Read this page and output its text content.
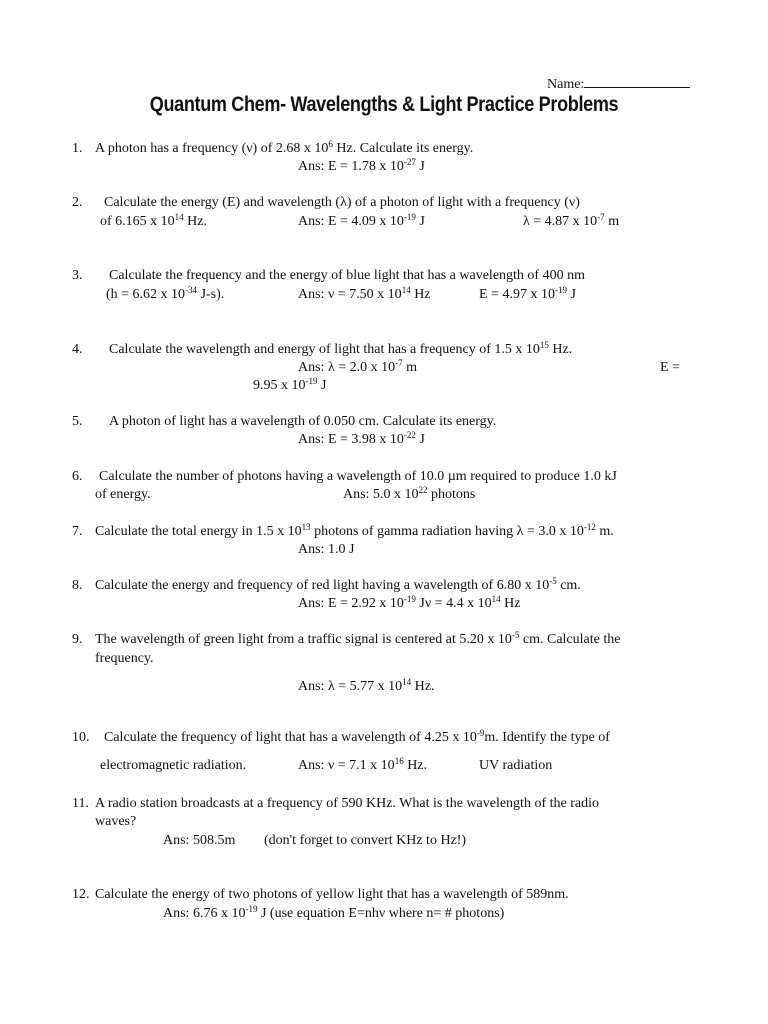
Name:
Quantum Chem- Wavelengths & Light Practice Problems
1. A photon has a frequency (ν) of 2.68 x $10^6$ Hz. Calculate its energy.
Ans: E = 1.78 x $10^{-27}$ J
2. Calculate the energy (E) and wavelength (λ) of a photon of light with a frequency (ν)
of 6.165 x $10^{14}$ Hz.	Ans: E = 4.09 x $10^{-19}$ J	λ = 4.87 x $10^{-7}$ m
3. Calculate the frequency and the energy of blue light that has a wavelength of 400 nm
(h = 6.62 x $10^{-34}$ J-s).	Ans: ν = 7.50 x $10^{14}$ Hz	E = 4.97 x $10^{-19}$ J
4. Calculate the wavelength and energy of light that has a frequency of 1.5 x $10^{15}$ Hz.
Ans: λ = 2.0 x $10^{-7}$ m	E =
9.95 x $10^{-19}$ J
5. A photon of light has a wavelength of 0.050 cm. Calculate its energy.
Ans: E = 3.98 x $10^{-22}$ J
6. Calculate the number of photons having a wavelength of 10.0 µm required to produce 1.0 kJ
of energy.	Ans: 5.0 x $10^{22}$ photons
7. Calculate the total energy in 1.5 x $10^{13}$ photons of gamma radiation having λ = 3.0 x $10^{-12}$ m.
Ans: 1.0 J
8. Calculate the energy and frequency of red light having a wavelength of 6.80 x $10^{-5}$ cm.
Ans: E = 2.92 x $10^{-19}$ Jν = 4.4 x $10^{14}$ Hz
9. The wavelength of green light from a traffic signal is centered at 5.20 x $10^{-5}$ cm. Calculate the
frequency.
Ans: λ = 5.77 x $10^{14}$ Hz.
10. Calculate the frequency of light that has a wavelength of 4.25 x $10^{-9}m$. Identify the type of
electromagnetic radiation.	Ans: ν = 7.1 x $10^{16}$ Hz.	UV radiation
11. A radio station broadcasts at a frequency of 590 KHz. What is the wavelength of the radio
waves?
Ans: 508.5m (don't forget to convert KHz to Hz!)
12. Calculate the energy of two photons of yellow light that has a wavelength of 589nm.
Ans: 6.76 x $10^{-19}$ J (use equation E=nhν where n= # photons)
